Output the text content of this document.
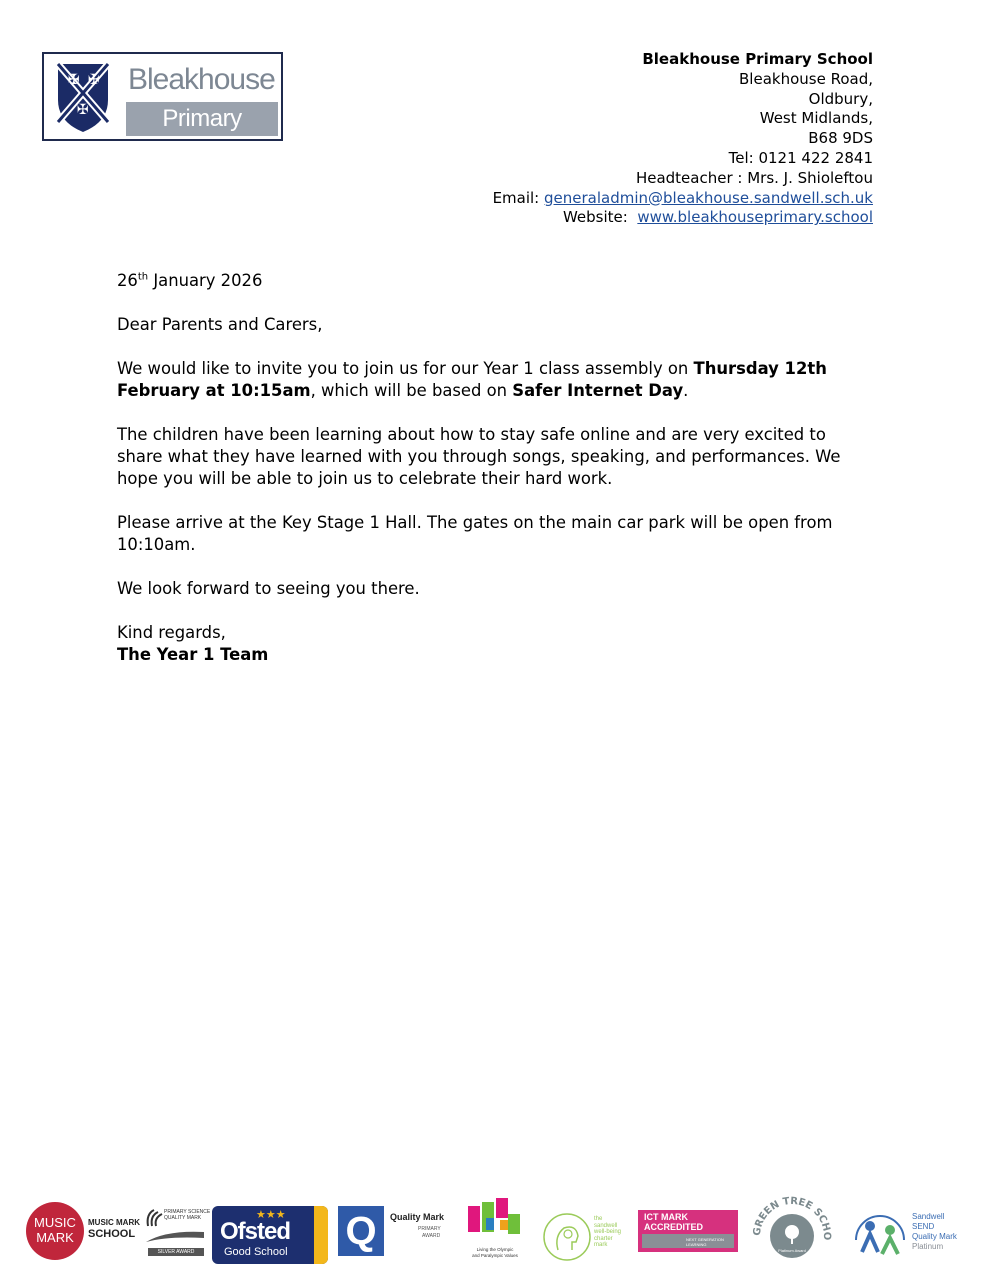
✠ ✠
✠
Bleakhouse
Primary School
Bleakhouse Primary School
Bleakhouse Road,
Oldbury,
West Midlands,
B68 9DS
Tel: 0121 422 2841
Headteacher : Mrs. J. Shioleftou
Email: generaladmin@bleakhouse.sandwell.sch.uk
Website:  www.bleakhouseprimary.school

26th January 2026

Dear Parents and Carers,

We would like to invite you to join us for our Year 1 class assembly on Thursday 12th February at 10:15am, which will be based on Safer Internet Day.

The children have been learning about how to stay safe online and are very excited to share what they have learned with you through songs, speaking, and performances. We hope you will be able to join us to celebrate their hard work.

Please arrive at the Key Stage 1 Hall. The gates on the main car park will be open from 10:10am.

We look forward to seeing you there.

Kind regards,
The Year 1 Team

MUSIC
MARK
MUSIC MARK
SCHOOL
PRIMARY SCIENCE
QUALITY MARK
SILVER AWARD
★★★
Ofsted
Good School Q	Quality Mark
PRIMARY
AWARD
Living the Olympic
and Paralympic Values
the
sandwell
well-being
charter
mark
ICT MARK
ACCREDITED
NEXT GENERATION LEARNING
GREEN TREE SCHO
Platinum Award
Sandwell
SEND
Quality Mark
Platinum
